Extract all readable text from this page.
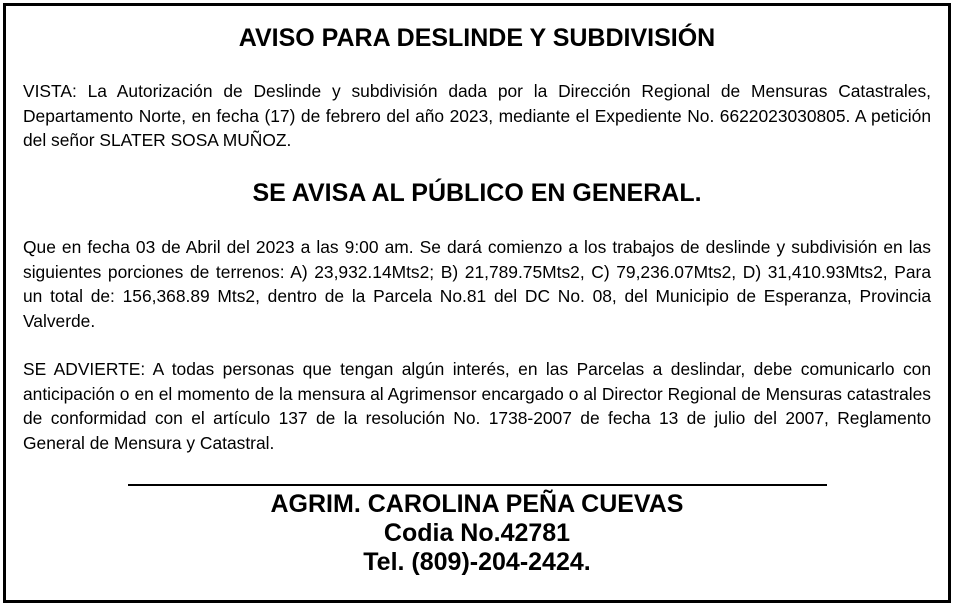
AVISO PARA DESLINDE Y SUBDIVISIÓN

VISTA: La Autorización de Deslinde y subdivisión dada por la Dirección Regional de Mensuras Catastrales, Departamento Norte, en fecha (17) de febrero del año 2023, mediante el Expediente No. 6622023030805. A petición del señor SLATER SOSA MUÑOZ.

SE AVISA AL PÚBLICO EN GENERAL.

Que en fecha 03 de Abril del 2023 a las 9:00 am. Se dará comienzo a los trabajos de deslinde y subdivisión en las siguientes porciones de terrenos: A) 23,932.14Mts2; B) 21,789.75Mts2, C) 79,236.07Mts2, D) 31,410.93Mts2, Para un total de: 156,368.89 Mts2, dentro de la Parcela No.81 del DC No. 08, del Municipio de Esperanza, Provincia Valverde.

SE ADVIERTE: A todas personas que tengan algún interés, en las Parcelas a deslindar, debe comunicarlo con anticipación o en el momento de la mensura al Agrimensor encargado o al Director Regional de Mensuras catastrales de conformidad con el artículo 137 de la resolución No. 1738-2007 de fecha 13 de julio del 2007, Reglamento General de Mensura y Catastral.

AGRIM. CAROLINA PEÑA CUEVAS

Codia No.42781

Tel. (809)-204-2424.
